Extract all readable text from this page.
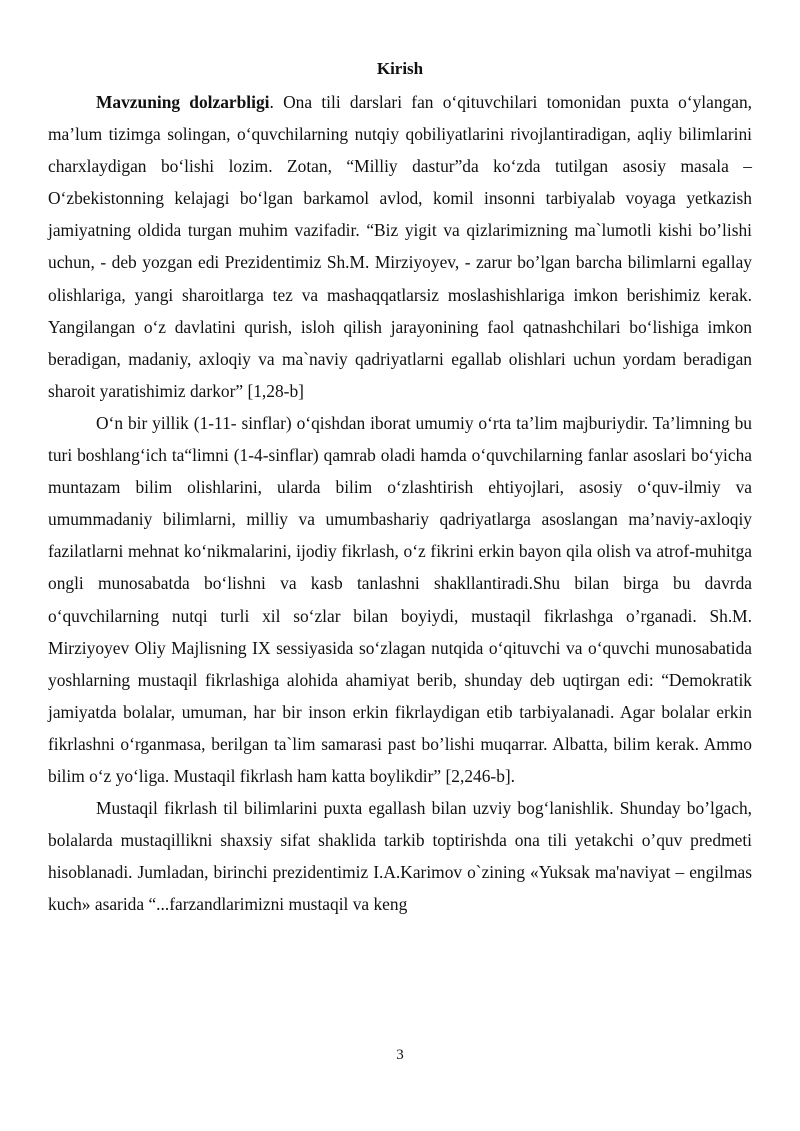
Kirish

Mavzuning dolzarbligi. Ona tili darslari fan o‘qituvchilari tomonidan puxta o‘ylangan, ma’lum tizimga solingan, o‘quvchilarning nutqiy qobiliyatlarini rivojlantiradigan, aqliy bilimlarini charxlaydigan bo‘lishi lozim. Zotan, “Milliy dastur”da ko‘zda tutilgan asosiy masala – O‘zbekistonning kelajagi bo‘lgan barkamol avlod, komil insonni tarbiyalab voyaga yetkazish jamiyatning oldida turgan muhim vazifadir. “Biz yigit va qizlarimizning ma`lumotli kishi bo’lishi uchun, - deb yozgan edi Prezidentimiz Sh.M. Mirziyoyev, - zarur bo’lgan barcha bilimlarni egallay olishlariga, yangi sharoitlarga tez va mashaqqatlarsiz moslashishlariga imkon berishimiz kerak. Yangilangan o‘z davlatini qurish, isloh qilish jarayonining faol qatnashchilari bo‘lishiga imkon beradigan, madaniy, axloqiy va ma`naviy qadriyatlarni egallab olishlari uchun yordam beradigan sharoit yaratishimiz darkor” [1,28-b]

O‘n bir yillik (1-11- sinflar) o‘qishdan iborat umumiy o‘rta ta’lim majburiydir. Ta’limning bu turi boshlang‘ich ta“limni (1-4-sinflar) qamrab oladi hamda o‘quvchilarning fanlar asoslari bo‘yicha muntazam bilim olishlarini, ularda bilim o‘zlashtirish ehtiyojlari, asosiy o‘quv-ilmiy va umummadaniy bilimlarni, milliy va umumbashariy qadriyatlarga asoslangan ma’naviy-axloqiy fazilatlarni mehnat ko‘nikmalarini, ijodiy fikrlash, o‘z fikrini erkin bayon qila olish va atrof-muhitga ongli munosabatda bo‘lishni va kasb tanlashni shakllantiradi.Shu bilan birga bu davrda o‘quvchilarning nutqi turli xil so‘zlar bilan boyiydi, mustaqil fikrlashga o’rganadi. Sh.M. Mirziyoyev Oliy Majlisning IX sessiyasida so‘zlagan nutqida o‘qituvchi va o‘quvchi munosabatida yoshlarning mustaqil fikrlashiga alohida ahamiyat berib, shunday deb uqtirgan edi: “Demokratik jamiyatda bolalar, umuman, har bir inson erkin fikrlaydigan etib tarbiyalanadi. Agar bolalar erkin fikrlashni o‘rganmasa, berilgan ta`lim samarasi past bo’lishi muqarrar. Albatta, bilim kerak. Ammo bilim o‘z yo‘liga. Mustaqil fikrlash ham katta boylikdir” [2,246-b].

Mustaqil fikrlash til bilimlarini puxta egallash bilan uzviy bog‘lanishlik. Shunday bo’lgach, bolalarda mustaqillikni shaxsiy sifat shaklida tarkib toptirishda ona tili yetakchi o’quv predmeti hisoblanadi. Jumladan, birinchi prezidentimiz I.A.Karimov o`zining «Yuksak ma'naviyat – engilmas kuch» asarida “...farzandlarimizni mustaqil va keng

3
